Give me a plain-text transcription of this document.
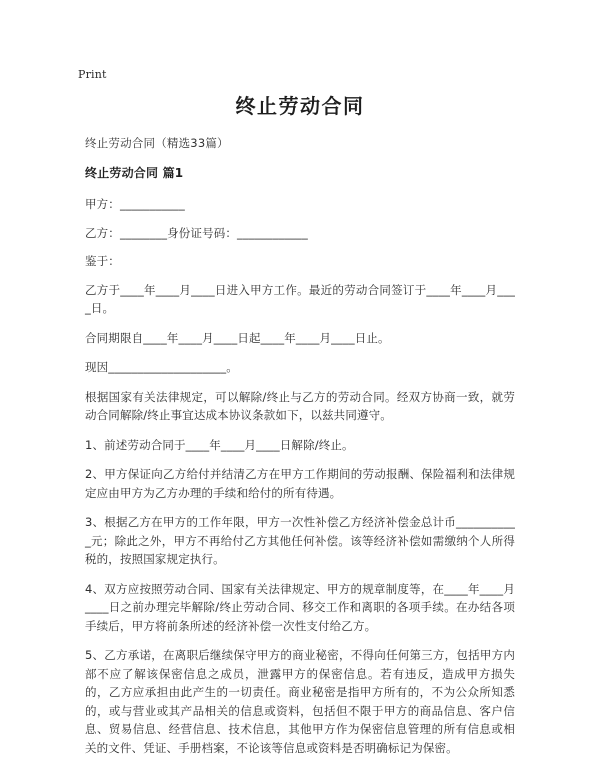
Print
终止劳动合同

终止劳动合同（精选33篇）

终止劳动合同 篇1

甲方：___________

乙方：________身份证号码：____________

鉴于：

乙方于____年____月____日进入甲方工作。最近的劳动合同签订于____年____月____日。

合同期限自____年____月____日起____年____月____日止。

现因____________________。

根据国家有关法律规定，可以解除/终止与乙方的劳动合同。经双方协商一致，就劳动合同解除/终止事宜达成本协议条款如下，以兹共同遵守。

1、前述劳动合同于____年____月____日解除/终止。

2、甲方保证向乙方给付并结清乙方在甲方工作期间的劳动报酬、保险福利和法律规定应由甲方为乙方办理的手续和给付的所有待遇。

3、根据乙方在甲方的工作年限，甲方一次性补偿乙方经济补偿金总计币___________元；除此之外，甲方不再给付乙方其他任何补偿。该等经济补偿如需缴纳个人所得税的，按照国家规定执行。

4、双方应按照劳动合同、国家有关法律规定、甲方的规章制度等，在____年____月____日之前办理完毕解除/终止劳动合同、移交工作和离职的各项手续。在办结各项手续后，甲方将前条所述的经济补偿一次性支付给乙方。

5、乙方承诺，在离职后继续保守甲方的商业秘密，不得向任何第三方，包括甲方内部不应了解该保密信息之成员，泄露甲方的保密信息。若有违反，造成甲方损失的，乙方应承担由此产生的一切责任。商业秘密是指甲方所有的，不为公众所知悉的，或与营业或其产品相关的信息或资料，包括但不限于甲方的商品信息、客户信息、贸易信息、经营信息、技术信息，其他甲方作为保密信息管理的所有信息或相关的文件、凭证、手册档案，不论该等信息或资料是否明确标记为保密。
